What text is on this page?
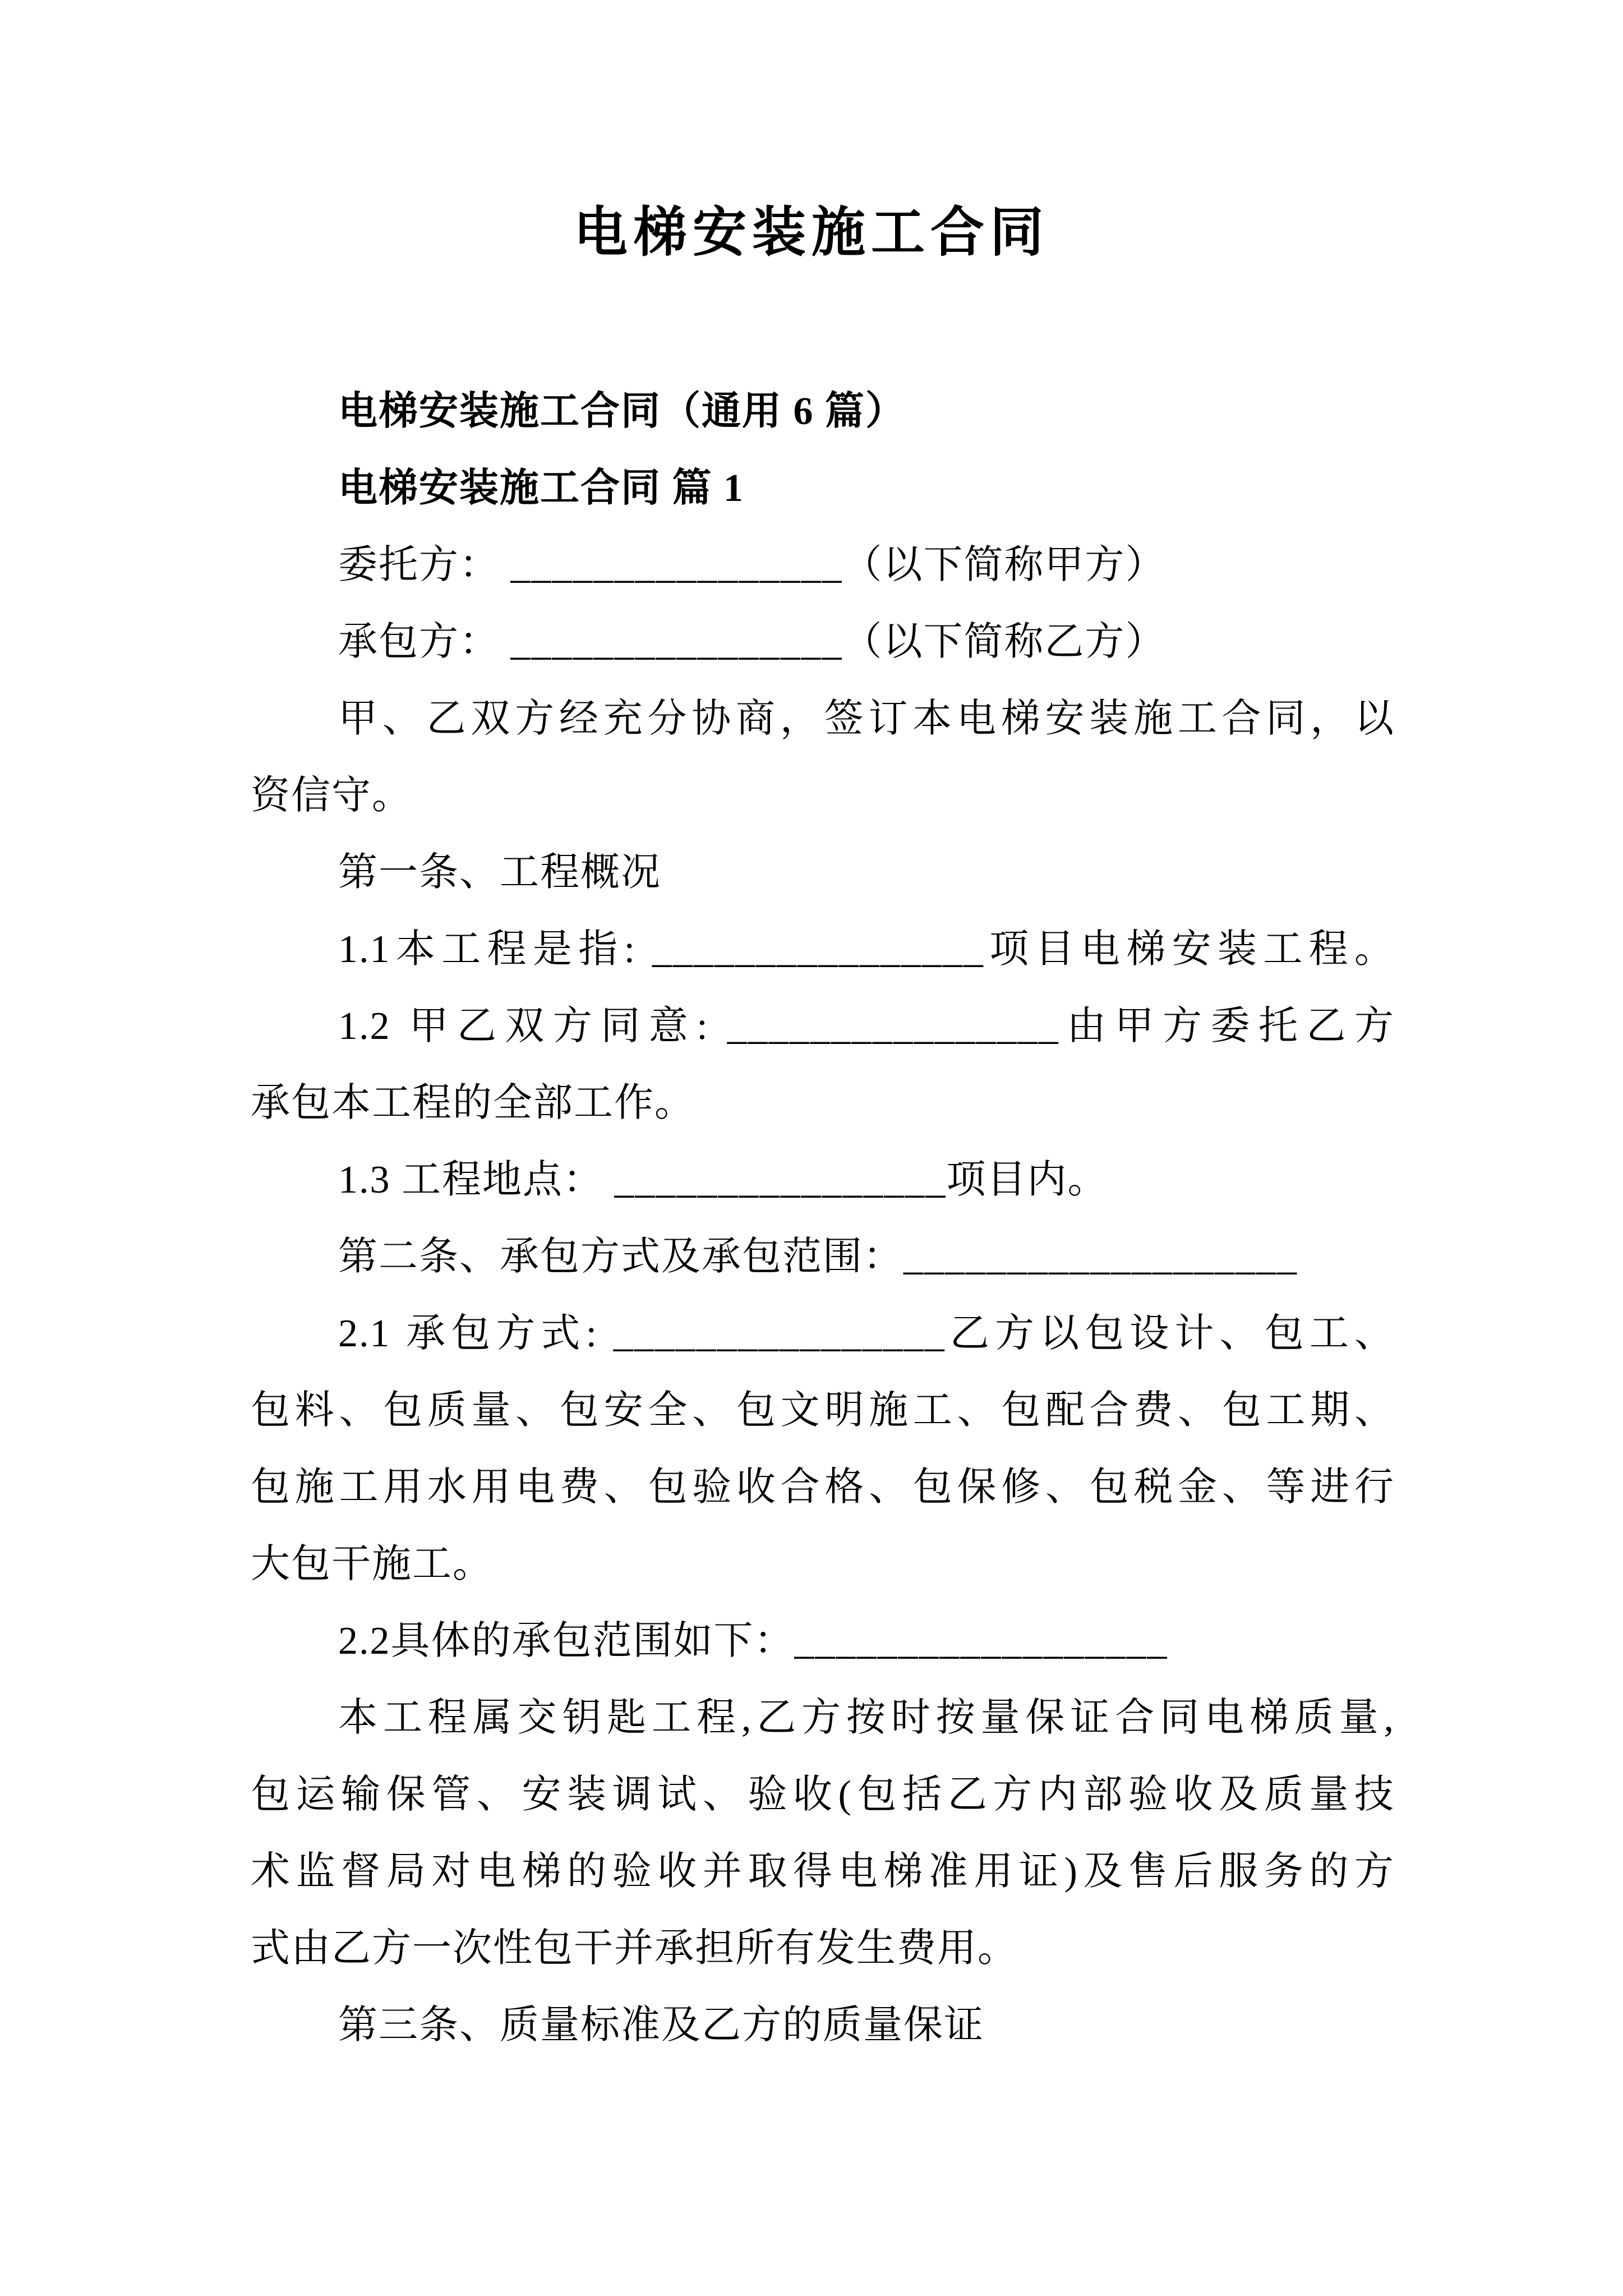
电梯安装施工合同
电梯安装施工合同（通用 6 篇）
电梯安装施工合同 篇 1
委托方： ________________（以下简称甲方）
承包方： ________________（以下简称乙方）
甲、乙双方经充分协商，签订本电梯安装施工合同，以
资信守。
第一条、工程概况
1.1本工程是指: ________________项目电梯安装工程。
1.2 甲乙双方同意: ________________由甲方委托乙方
承包本工程的全部工作。
1.3 工程地点： ________________项目内。
第二条、承包方式及承包范围：___________________
2.1 承包方式: ________________乙方以包设计、包工、
包料、包质量、包安全、包文明施工、包配合费、包工期、
包施工用水用电费、包验收合格、包保修、包税金、等进行
大包干施工。
2.2具体的承包范围如下：__________________
本工程属交钥匙工程,乙方按时按量保证合同电梯质量,
包运输保管、安装调试、验收(包括乙方内部验收及质量技
术监督局对电梯的验收并取得电梯准用证)及售后服务的方
式由乙方一次性包干并承担所有发生费用。
第三条、质量标准及乙方的质量保证
